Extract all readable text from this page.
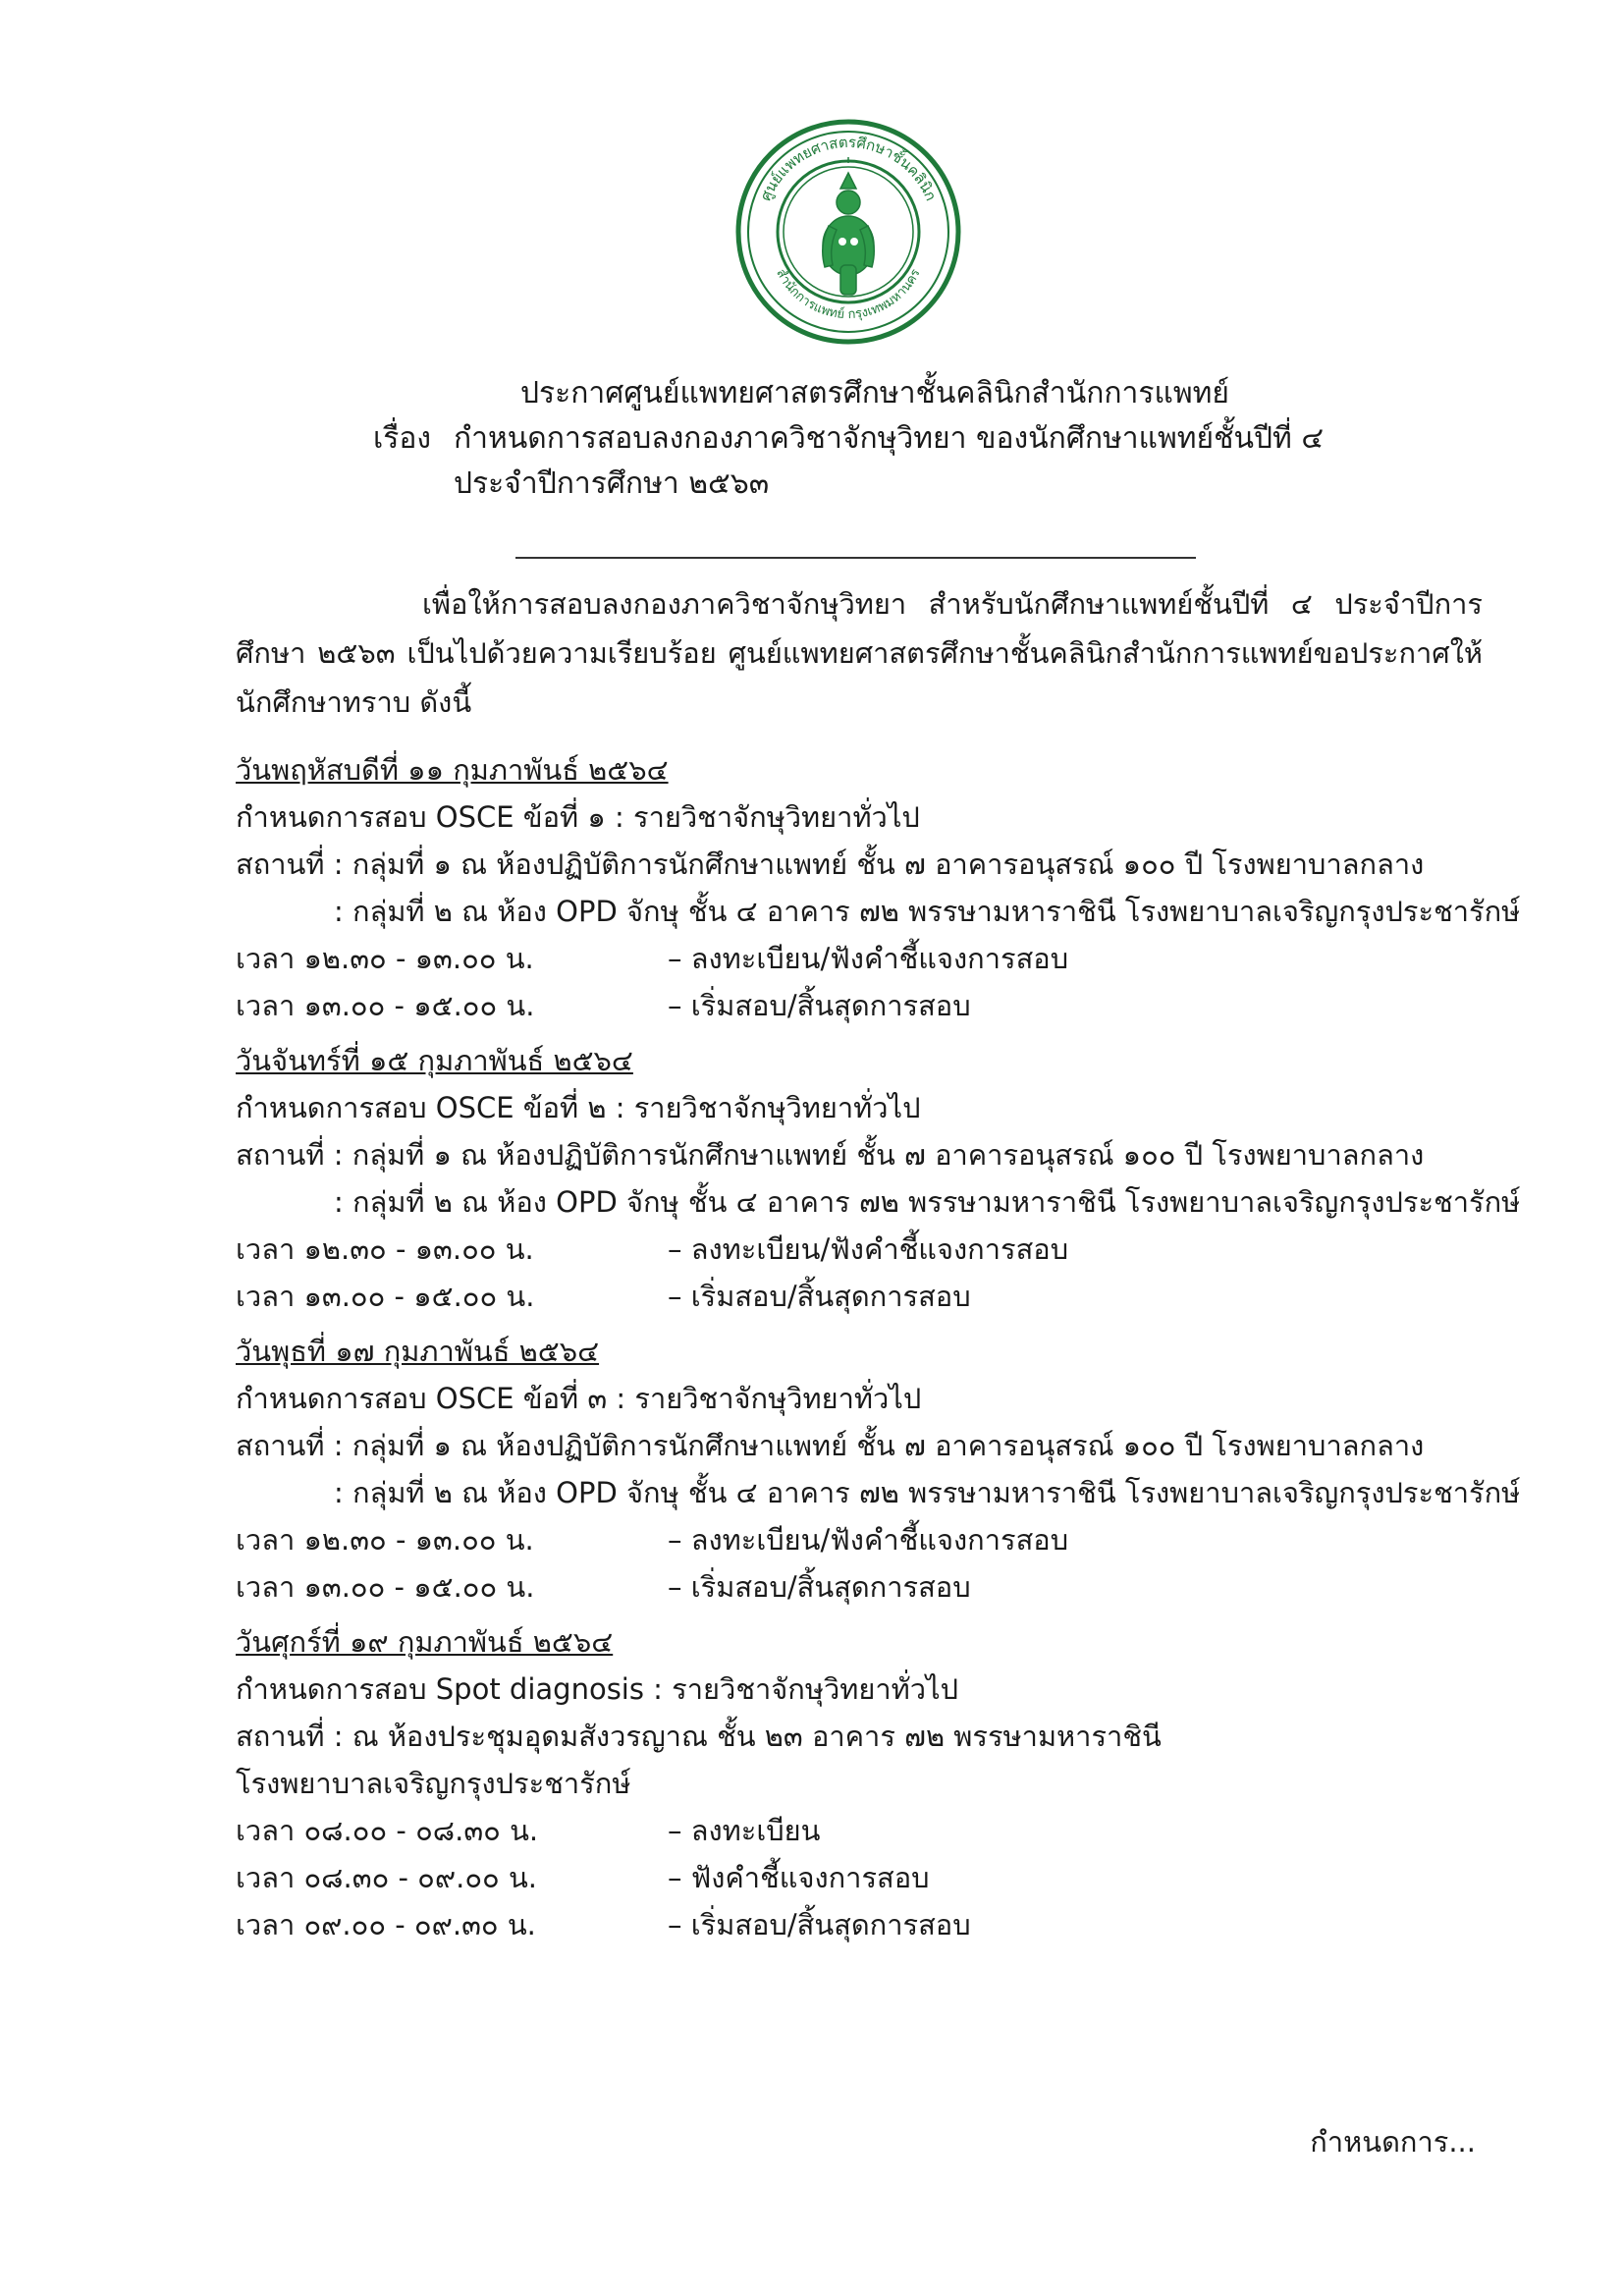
ศูนย์แพทยศาสตรศึกษาชั้นคลินิก
สำนักการแพทย์ กรุงเทพมหานคร
ประกาศศูนย์แพทยศาสตรศึกษาชั้นคลินิกสำนักการแพทย์
เรื่อง กำหนดการสอบลงกองภาควิชาจักษุวิทยา ของนักศึกษาแพทย์ชั้นปีที่ ๔
ประจำปีการศึกษา ๒๕๖๓

เพื่อให้การสอบลงกองภาควิชาจักษุวิทยา สำหรับนักศึกษาแพทย์ชั้นปีที่ ๔ ประจำปีการศึกษา ๒๕๖๓ เป็นไปด้วยความเรียบร้อย ศูนย์แพทยศาสตรศึกษาชั้นคลินิกสำนักการแพทย์ขอประกาศให้นักศึกษาทราบ ดังนี้

วันพฤหัสบดีที่ ๑๑ กุมภาพันธ์ ๒๕๖๔
กำหนดการสอบ OSCE ข้อที่ ๑ : รายวิชาจักษุวิทยาทั่วไป
สถานที่ : กลุ่มที่ ๑ ณ ห้องปฏิบัติการนักศึกษาแพทย์ ชั้น ๗ อาคารอนุสรณ์ ๑๐๐ ปี โรงพยาบาลกลาง
: กลุ่มที่ ๒ ณ ห้อง OPD จักษุ ชั้น ๔ อาคาร ๗๒ พรรษามหาราชินี โรงพยาบาลเจริญกรุงประชารักษ์
เวลา ๑๒.๓๐ - ๑๓.๐๐ น.	– ลงทะเบียน/ฟังคำชี้แจงการสอบ
เวลา ๑๓.๐๐ - ๑๕.๐๐ น.	– เริ่มสอบ/สิ้นสุดการสอบ
วันจันทร์ที่ ๑๕ กุมภาพันธ์ ๒๕๖๔
กำหนดการสอบ OSCE ข้อที่ ๒ : รายวิชาจักษุวิทยาทั่วไป
สถานที่ : กลุ่มที่ ๑ ณ ห้องปฏิบัติการนักศึกษาแพทย์ ชั้น ๗ อาคารอนุสรณ์ ๑๐๐ ปี โรงพยาบาลกลาง
: กลุ่มที่ ๒ ณ ห้อง OPD จักษุ ชั้น ๔ อาคาร ๗๒ พรรษามหาราชินี โรงพยาบาลเจริญกรุงประชารักษ์
เวลา ๑๒.๓๐ - ๑๓.๐๐ น.	– ลงทะเบียน/ฟังคำชี้แจงการสอบ
เวลา ๑๓.๐๐ - ๑๕.๐๐ น.	– เริ่มสอบ/สิ้นสุดการสอบ
วันพุธที่ ๑๗ กุมภาพันธ์ ๒๕๖๔
กำหนดการสอบ OSCE ข้อที่ ๓ : รายวิชาจักษุวิทยาทั่วไป
สถานที่ : กลุ่มที่ ๑ ณ ห้องปฏิบัติการนักศึกษาแพทย์ ชั้น ๗ อาคารอนุสรณ์ ๑๐๐ ปี โรงพยาบาลกลาง
: กลุ่มที่ ๒ ณ ห้อง OPD จักษุ ชั้น ๔ อาคาร ๗๒ พรรษามหาราชินี โรงพยาบาลเจริญกรุงประชารักษ์
เวลา ๑๒.๓๐ - ๑๓.๐๐ น.	– ลงทะเบียน/ฟังคำชี้แจงการสอบ
เวลา ๑๓.๐๐ - ๑๕.๐๐ น.	– เริ่มสอบ/สิ้นสุดการสอบ
วันศุกร์ที่ ๑๙ กุมภาพันธ์ ๒๕๖๔
กำหนดการสอบ Spot diagnosis : รายวิชาจักษุวิทยาทั่วไป
สถานที่ : ณ ห้องประชุมอุดมสังวรญาณ ชั้น ๒๓ อาคาร ๗๒ พรรษามหาราชินี
โรงพยาบาลเจริญกรุงประชารักษ์
เวลา ๐๘.๐๐ - ๐๘.๓๐ น.	– ลงทะเบียน
เวลา ๐๘.๓๐ - ๐๙.๐๐ น.	– ฟังคำชี้แจงการสอบ
เวลา ๐๙.๐๐ - ๐๙.๓๐ น.	– เริ่มสอบ/สิ้นสุดการสอบ
กำหนดการ...
